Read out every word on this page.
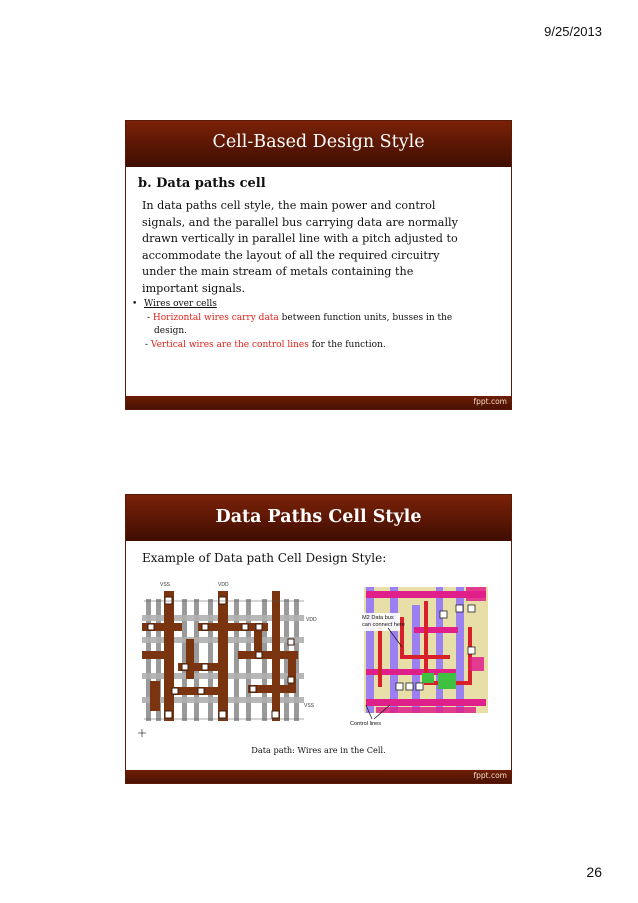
9/25/2013
Cell-Based Design Style
b. Data paths cell
In data paths cell style, the main power and control
signals, and the parallel bus carrying data are normally
drawn vertically in parallel line with a pitch adjusted to
accommodate the layout of all the required circuitry
under the main stream of metals containing the
important signals.
• Wires over cells
- Horizontal wires carry data between function units, busses in the
design.
- Vertical wires are the control lines for the function.
fppt.com
Data Paths Cell Style
Example of Data path Cell Design Style:
VSS	VDD
VDD
VSS
M2 Data bus
can connect here
Control lines
Data path: Wires are in the Cell.
fppt.com
26
